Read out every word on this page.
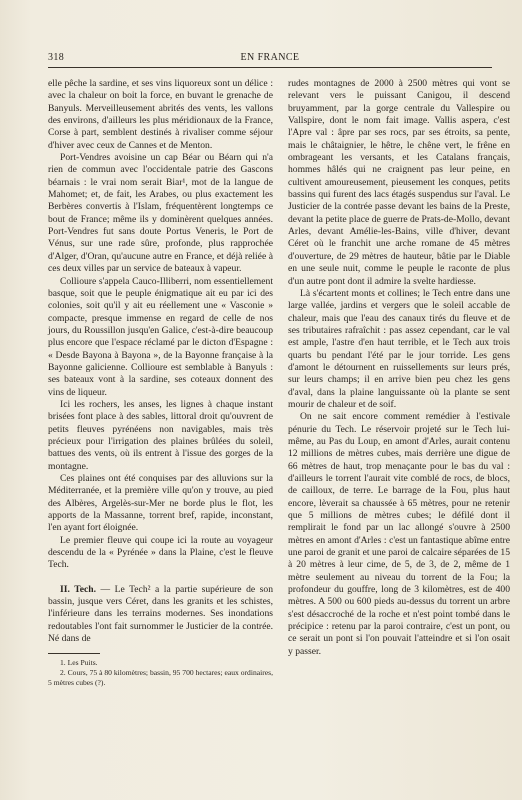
318	EN FRANCE

elle pêche la sardine, et ses vins liquoreux sont un délice : avec la chaleur on boit la force, en buvant le grenache de Banyuls. Merveilleusement abrités des vents, les vallons des environs, d'ailleurs les plus méridionaux de la France, Corse à part, semblent destinés à rivaliser comme séjour d'hiver avec ceux de Cannes et de Menton.

Port-Vendres avoisine un cap Béar ou Béarn qui n'a rien de commun avec l'occidentale patrie des Gascons béarnais : le vrai nom serait Biar¹, mot de la langue de Mahomet; et, de fait, les Arabes, ou plus exactement les Berbères convertis à l'Islam, fréquentèrent longtemps ce bout de France; même ils y dominèrent quelques années. Port-Vendres fut sans doute Portus Veneris, le Port de Vénus, sur une rade sûre, profonde, plus rapprochée d'Alger, d'Oran, qu'aucune autre en France, et déjà reliée à ces deux villes par un service de bateaux à vapeur.

Collioure s'appela Cauco-Illiberri, nom essentiellement basque, soit que le peuple énigmatique ait eu par ici des colonies, soit qu'il y ait eu réellement une « Vasconie » compacte, presque immense en regard de celle de nos jours, du Roussillon jusqu'en Galice, c'est-à-dire beaucoup plus encore que l'espace réclamé par le dicton d'Espagne : « Desde Bayona à Bayona », de la Bayonne française à la Bayonne galicienne. Collioure est semblable à Banyuls : ses bateaux vont à la sardine, ses coteaux donnent des vins de liqueur.

Ici les rochers, les anses, les lignes à chaque instant brisées font place à des sables, littoral droit qu'ouvrent de petits fleuves pyrénéens non navigables, mais très précieux pour l'irrigation des plaines brûlées du soleil, battues des vents, où ils entrent à l'issue des gorges de la montagne.

Ces plaines ont été conquises par des alluvions sur la Méditerranée, et la première ville qu'on y trouve, au pied des Albères, Argelès-sur-Mer ne borde plus le flot, les apports de la Massanne, torrent bref, rapide, inconstant, l'en ayant fort éloignée.

Le premier fleuve qui coupe ici la route au voyageur descendu de la « Pyrénée » dans la Plaine, c'est le fleuve Tech.

II. Tech. — Le Tech² a la partie supérieure de son bassin, jusque vers Céret, dans les granits et les schistes, l'inférieure dans les terrains modernes. Ses inondations redoutables l'ont fait surnommer le Justicier de la contrée. Né dans de

1. Les Puits.

2. Cours, 75 à 80 kilomètres; bassin, 95 700 hectares; eaux ordinaires, 5 mètres cubes (?).

rudes montagnes de 2000 à 2500 mètres qui vont se relevant vers le puissant Canigou, il descend bruyamment, par la gorge centrale du Vallespire ou Vallspire, dont le nom fait image. Vallis aspera, c'est l'Apre val : âpre par ses rocs, par ses étroits, sa pente, mais le châtaignier, le hêtre, le chêne vert, le frêne en ombrageant les versants, et les Catalans français, hommes hâlés qui ne craignent pas leur peine, en cultivent amoureusement, pieusement les conques, petits bassins qui furent des lacs étagés suspendus sur l'aval. Le Justicier de la contrée passe devant les bains de la Preste, devant la petite place de guerre de Prats-de-Mollo, devant Arles, devant Amélie-les-Bains, ville d'hiver, devant Céret où le franchit une arche romane de 45 mètres d'ouverture, de 29 mètres de hauteur, bâtie par le Diable en une seule nuit, comme le peuple le raconte de plus d'un autre pont dont il admire la svelte hardiesse.

Là s'écartent monts et collines; le Tech entre dans une large vallée, jardins et vergers que le soleil accable de chaleur, mais que l'eau des canaux tirés du fleuve et de ses tributaires rafraîchit : pas assez cependant, car le val est ample, l'astre d'en haut terrible, et le Tech aux trois quarts bu pendant l'été par le jour torride. Les gens d'amont le détournent en ruissellements sur leurs prés, sur leurs champs; il en arrive bien peu chez les gens d'aval, dans la plaine languissante où la plante se sent mourir de chaleur et de soif.

On ne sait encore comment remédier à l'estivale pénurie du Tech. Le réservoir projeté sur le Tech lui-même, au Pas du Loup, en amont d'Arles, aurait contenu 12 millions de mètres cubes, mais derrière une digue de 66 mètres de haut, trop menaçante pour le bas du val : d'ailleurs le torrent l'aurait vite comblé de rocs, de blocs, de cailloux, de terre. Le barrage de la Fou, plus haut encore, lèverait sa chaussée à 65 mètres, pour ne retenir que 5 millions de mètres cubes; le défilé dont il remplirait le fond par un lac allongé s'ouvre à 2500 mètres en amont d'Arles : c'est un fantastique abîme entre une paroi de granit et une paroi de calcaire séparées de 15 à 20 mètres à leur cime, de 5, de 3, de 2, même de 1 mètre seulement au niveau du torrent de la Fou; la profondeur du gouffre, long de 3 kilomètres, est de 400 mètres. A 500 ou 600 pieds au-dessus du torrent un arbre s'est désaccroché de la roche et n'est point tombé dans le précipice : retenu par la paroi contraire, c'est un pont, ou ce serait un pont si l'on pouvait l'atteindre et si l'on osait y passer.
